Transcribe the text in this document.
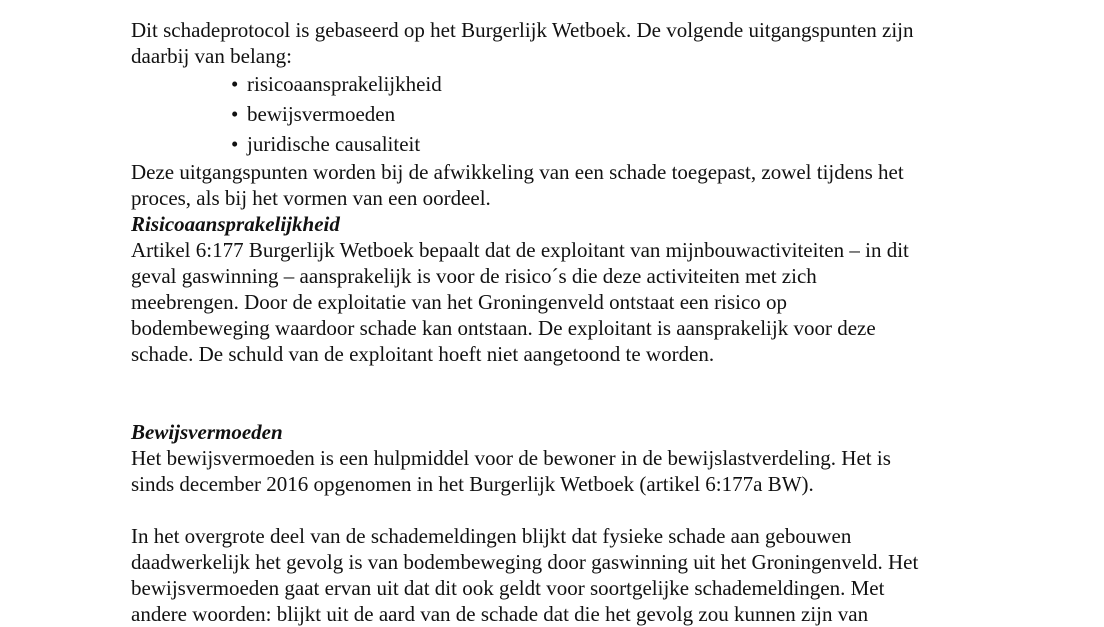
Dit schadeprotocol is gebaseerd op het Burgerlijk Wetboek. De volgende uitgangspunten zijn
daarbij van belang:

• risicoaansprakelijkheid
• bewijsvermoeden
• juridische causaliteit

Deze uitgangspunten worden bij de afwikkeling van een schade toegepast, zowel tijdens het
proces, als bij het vormen van een oordeel.

Risicoaansprakelijkheid

Artikel 6:177 Burgerlijk Wetboek bepaalt dat de exploitant van mijnbouwactiviteiten – in dit
geval gaswinning – aansprakelijk is voor de risico´s die deze activiteiten met zich
meebrengen. Door de exploitatie van het Groningenveld ontstaat een risico op
bodembeweging waardoor schade kan ontstaan. De exploitant is aansprakelijk voor deze
schade. De schuld van de exploitant hoeft niet aangetoond te worden.

Bewijsvermoeden

Het bewijsvermoeden is een hulpmiddel voor de bewoner in de bewijslastverdeling. Het is
sinds december 2016 opgenomen in het Burgerlijk Wetboek (artikel 6:177a BW).

In het overgrote deel van de schademeldingen blijkt dat fysieke schade aan gebouwen
daadwerkelijk het gevolg is van bodembeweging door gaswinning uit het Groningenveld. Het
bewijsvermoeden gaat ervan uit dat dit ook geldt voor soortgelijke schademeldingen. Met
andere woorden: blijkt uit de aard van de schade dat die het gevolg zou kunnen zijn van
